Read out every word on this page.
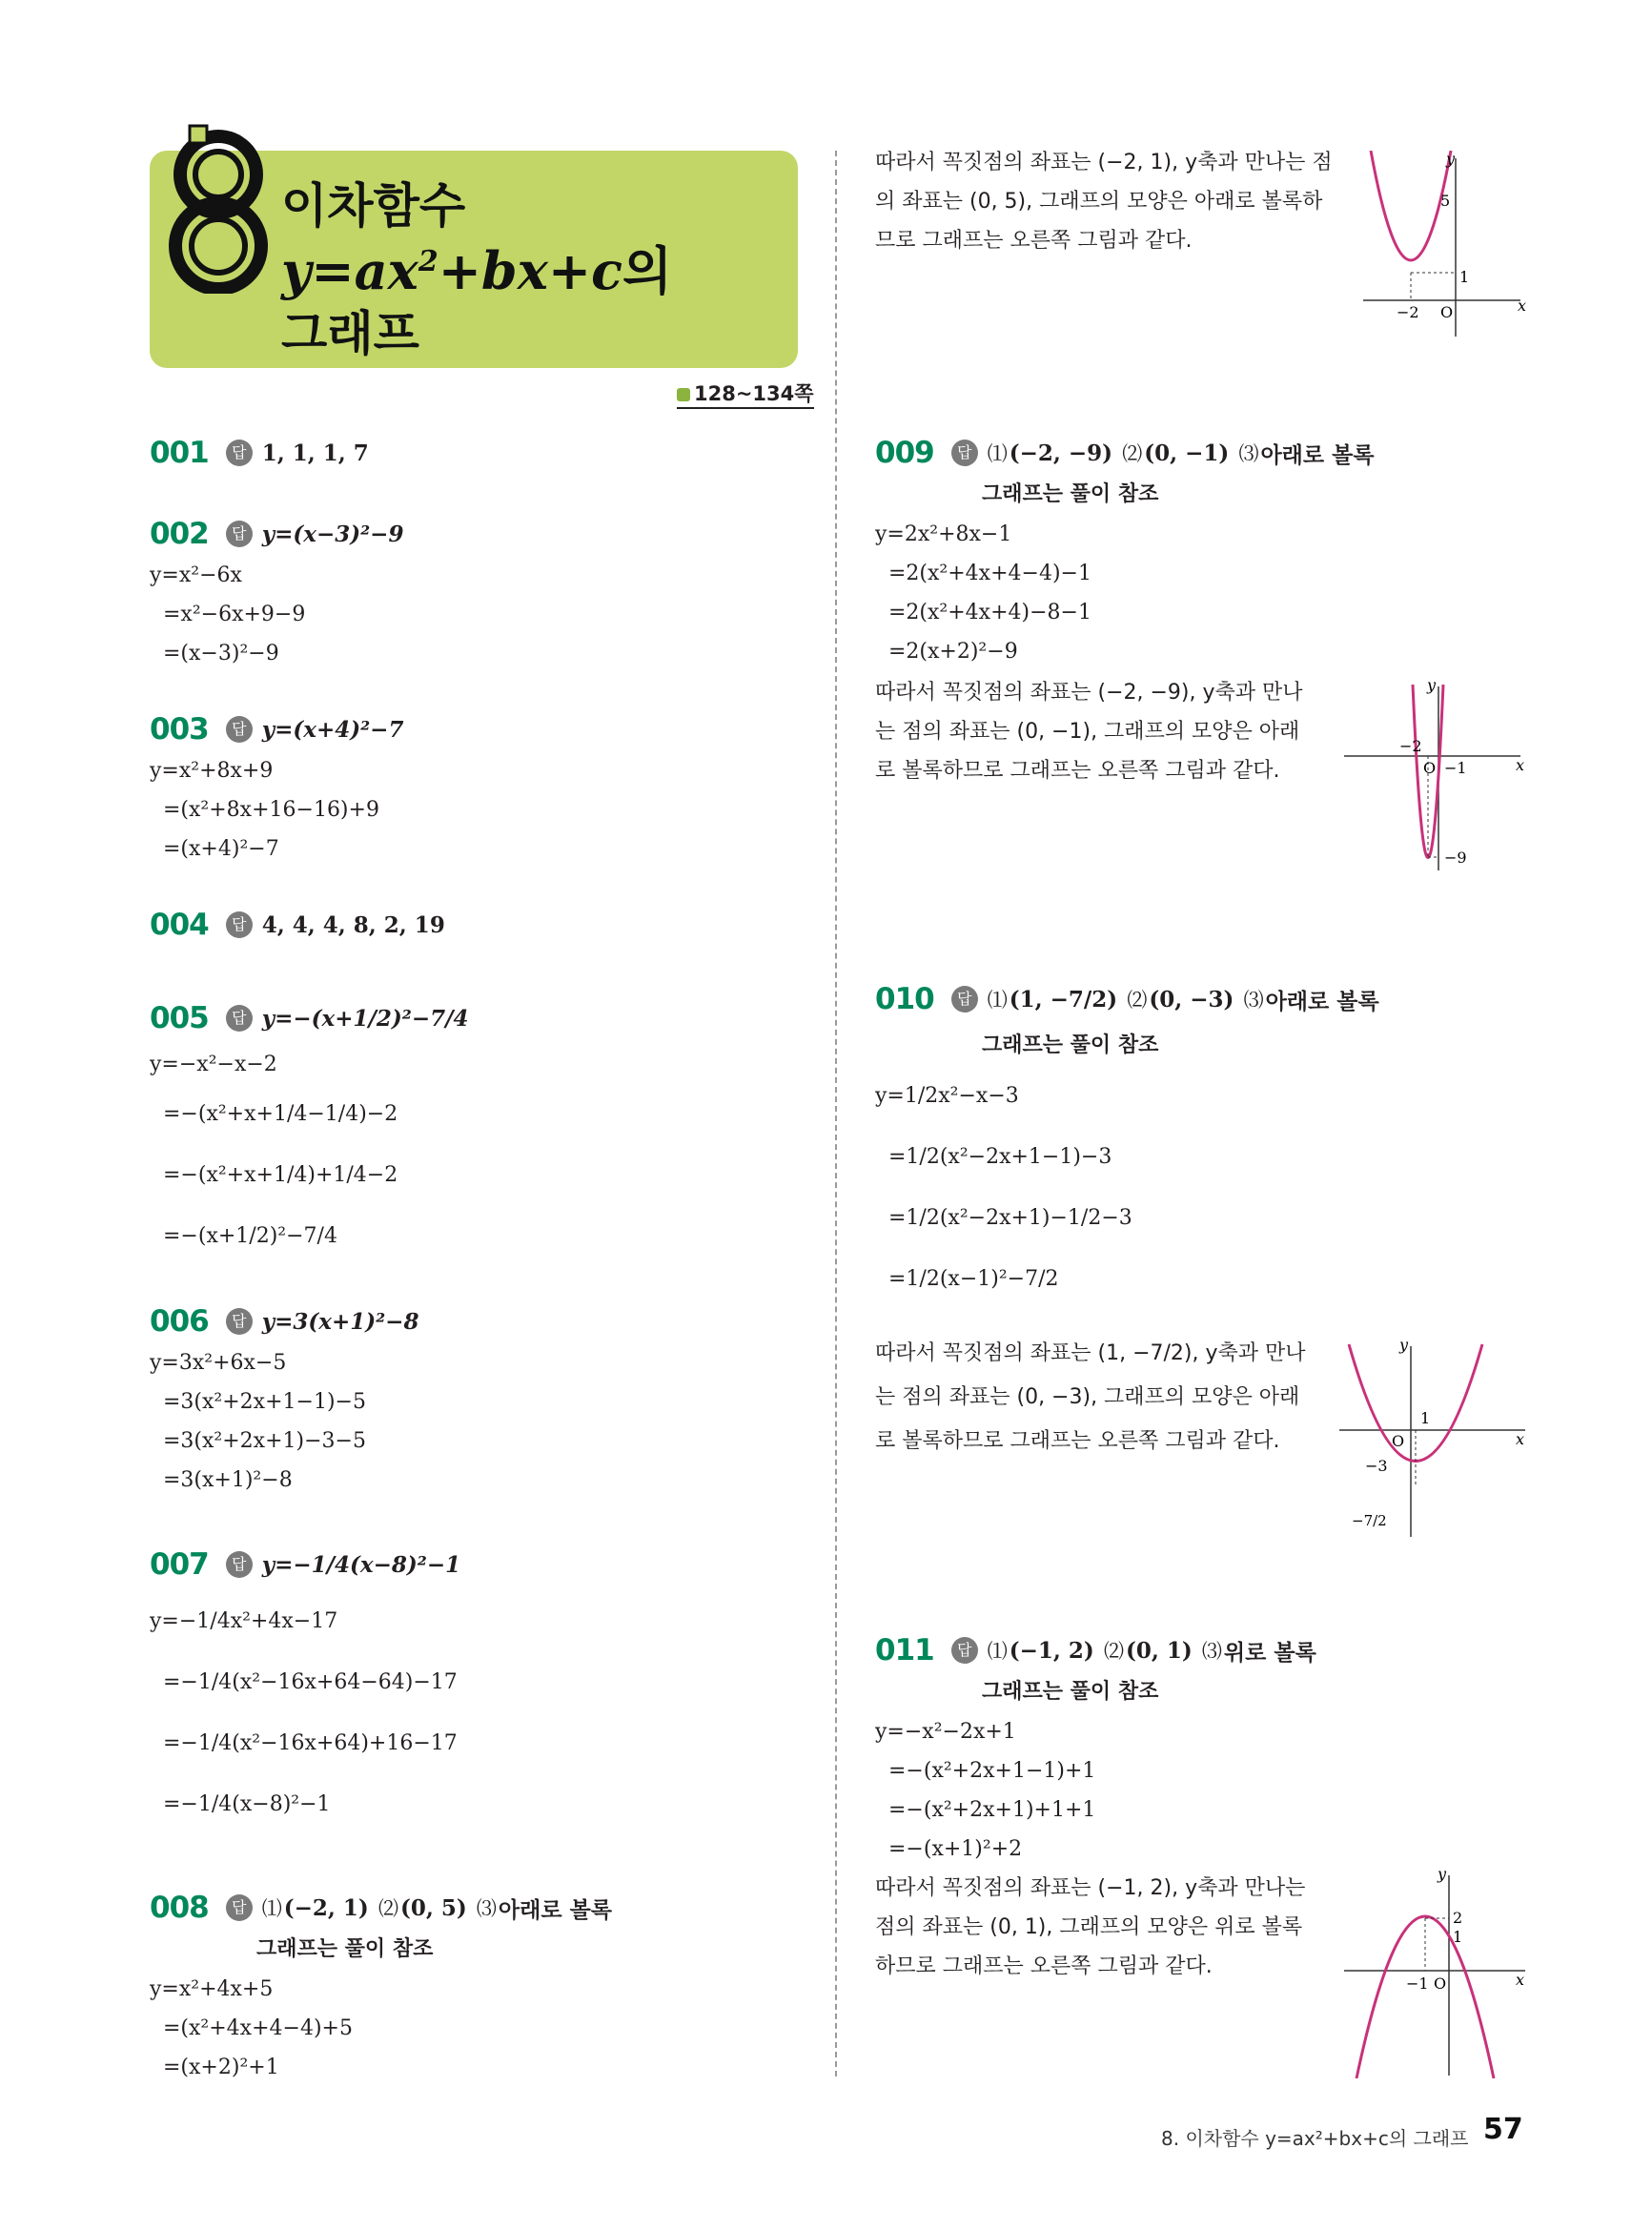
이차함수
$y=ax^2+bx+c$의
그래프
128~134쪽
001	답 1, 1, 1, 7
002	답 y=(x−3)²−9
y=x²−6x
=x²−6x+9−9
=(x−3)²−9
003	답 y=(x+4)²−7
y=x²+8x+9
=(x²+8x+16−16)+9
=(x+4)²−7
004	답 4, 4, 4, 8, 2, 19
005	답 y=−(x+1/2)²−7/4
y=−x²−x−2
=−(x²+x+1/4−1/4)−2
=−(x²+x+1/4)+1/4−2
=−(x+1/2)²−7/4
006	답 y=3(x+1)²−8
y=3x²+6x−5
=3(x²+2x+1−1)−5
=3(x²+2x+1)−3−5
=3(x+1)²−8
007	답 y=−1/4(x−8)²−1
y=−1/4x²+4x−17
=−1/4(x²−16x+64−64)−17
=−1/4(x²−16x+64)+16−17
=−1/4(x−8)²−1
008	답 ⑴ (−2, 1)
⑵ (0, 5)
⑶ 아래로 볼록
그래프는 풀이 참조
y=x²+4x+5
=(x²+4x+4−4)+5
=(x+2)²+1
따라서 꼭짓점의 좌표는 (−2, 1), y축과 만나는 점의 좌표는 (0, 5), 그래프의 모양은 아래로 볼록하므로 그래프는 오른쪽 그림과 같다.
y
x
5
1
−2 O
009	답 ⑴ (−2, −9)
⑵ (0, −1)
⑶ 아래로 볼록
그래프는 풀이 참조
y=2x²+8x−1
=2(x²+4x+4−4)−1
=2(x²+4x+4)−8−1
=2(x+2)²−9
따라서 꼭짓점의 좌표는 (−2, −9), y축과 만나는 점의 좌표는 (0, −1), 그래프의 모양은 아래로 볼록하므로 그래프는 오른쪽 그림과 같다.
y
x
−2
O −1
−9
010	답 ⑴ (1, −7/2)
⑵ (0, −3)
⑶ 아래로 볼록
그래프는 풀이 참조
y=1/2x²−x−3
=1/2(x²−2x+1−1)−3
=1/2(x²−2x+1)−1/2−3
=1/2(x−1)²−7/2
따라서 꼭짓점의 좌표는 (1, −7/2), y축과 만나는 점의 좌표는 (0, −3), 그래프의 모양은 아래로 볼록하므로 그래프는 오른쪽 그림과 같다.
y
x
O
1
−3
−7/2
011	답 ⑴ (−1, 2)
⑵ (0, 1)
⑶ 위로 볼록
그래프는 풀이 참조
y=−x²−2x+1
=−(x²+2x+1−1)+1
=−(x²+2x+1)+1+1
=−(x+1)²+2
따라서 꼭짓점의 좌표는 (−1, 2), y축과 만나는 점의 좌표는 (0, 1), 그래프의 모양은 위로 볼록하므로 그래프는 오른쪽 그림과 같다.
y
x
2
1
−1 O
8. 이차함수 y=ax²+bx+c의 그래프 57
